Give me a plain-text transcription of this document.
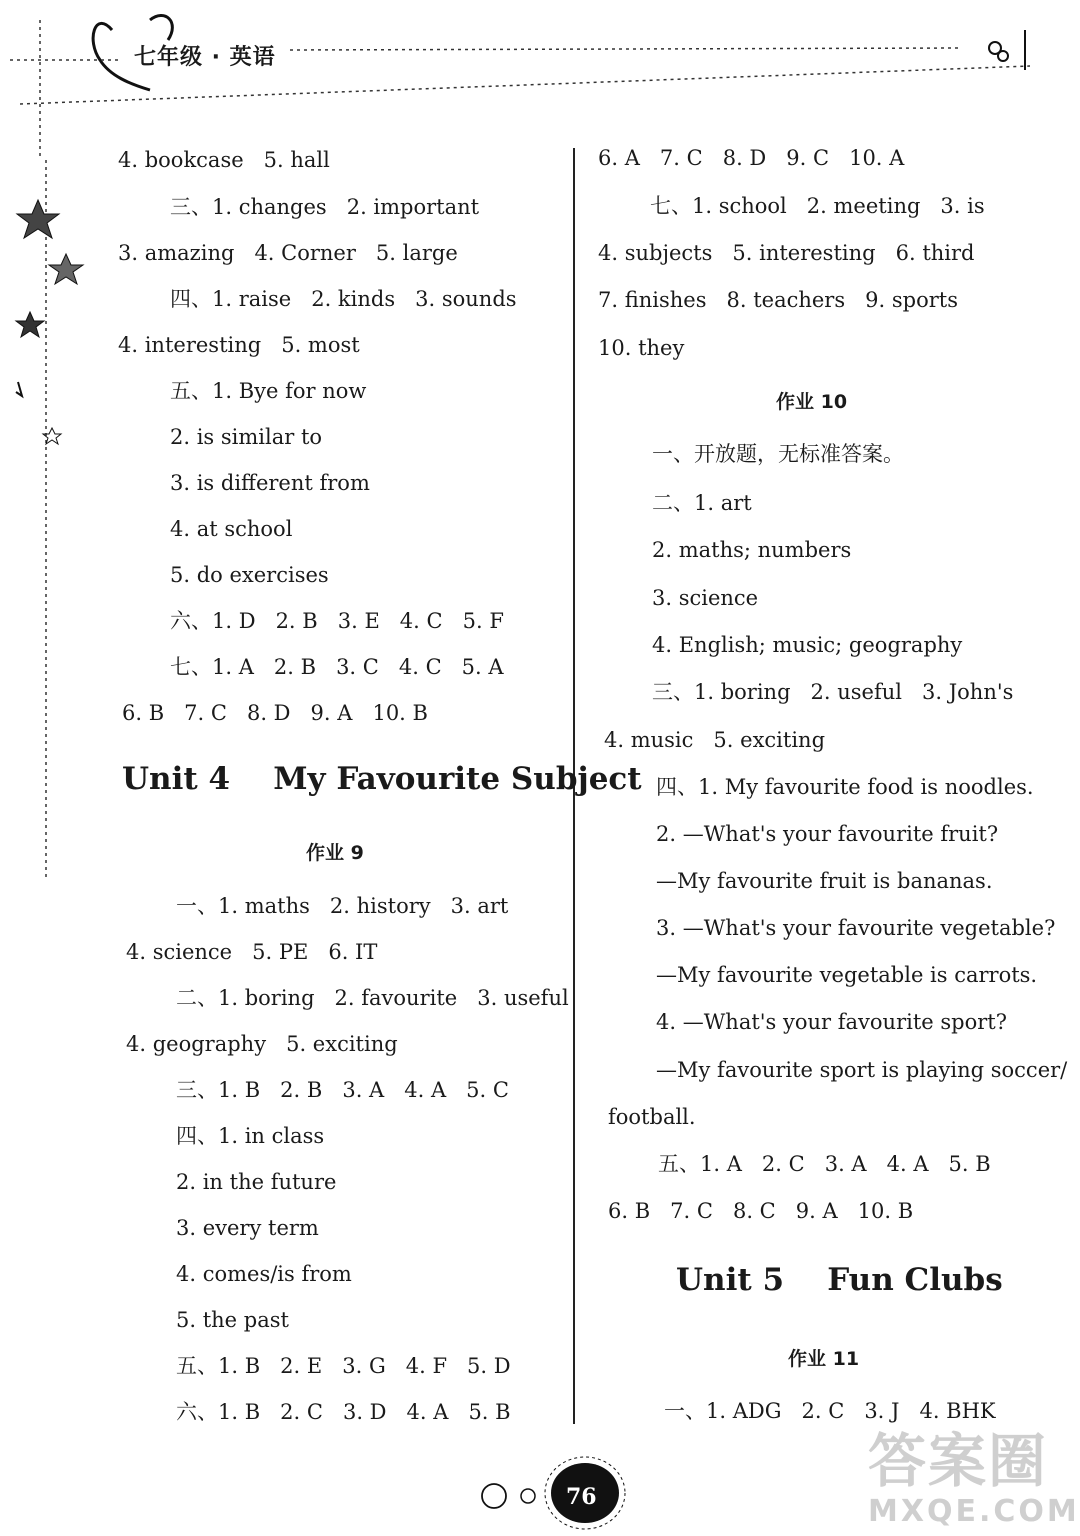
七年级 · 英语
4. bookcase   5. hall
三、1. changes   2. important
3. amazing   4. Corner   5. large
四、1. raise   2. kinds   3. sounds
4. interesting   5. most
五、1. Bye for now
2. is similar to
3. is different from
4. at school
5. do exercises
六、1. D   2. B   3. E   4. C   5. F
七、1. A   2. B   3. C   4. C   5. A
6. B   7. C   8. D   9. A   10. B
Unit 4    My Favourite Subject
作业 9
一、1. maths   2. history   3. art
4. science   5. PE   6. IT
二、1. boring   2. favourite   3. useful
4. geography   5. exciting
三、1. B   2. B   3. A   4. A   5. C
四、1. in class
2. in the future
3. every term
4. comes/is from
5. the past
五、1. B   2. E   3. G   4. F   5. D
六、1. B   2. C   3. D   4. A   5. B
6. A   7. C   8. D   9. C   10. A
七、1. school   2. meeting   3. is
4. subjects   5. interesting   6. third
7. finishes   8. teachers   9. sports
10. they
作业 10
一、开放题，无标准答案。
二、1. art
2. maths; numbers
3. science
4. English; music; geography
三、1. boring   2. useful   3. John's
4. music   5. exciting
四、1. My favourite food is noodles.
2. —What's your favourite fruit?
—My favourite fruit is bananas.
3. —What's your favourite vegetable?
—My favourite vegetable is carrots.
4. —What's your favourite sport?
—My favourite sport is playing soccer/
football.
五、1. A   2. C   3. A   4. A   5. B
6. B   7. C   8. C   9. A   10. B
Unit 5    Fun Clubs
作业 11
一、1. ADG   2. C   3. J   4. BHK
76
答案圈
MXQE.COM
